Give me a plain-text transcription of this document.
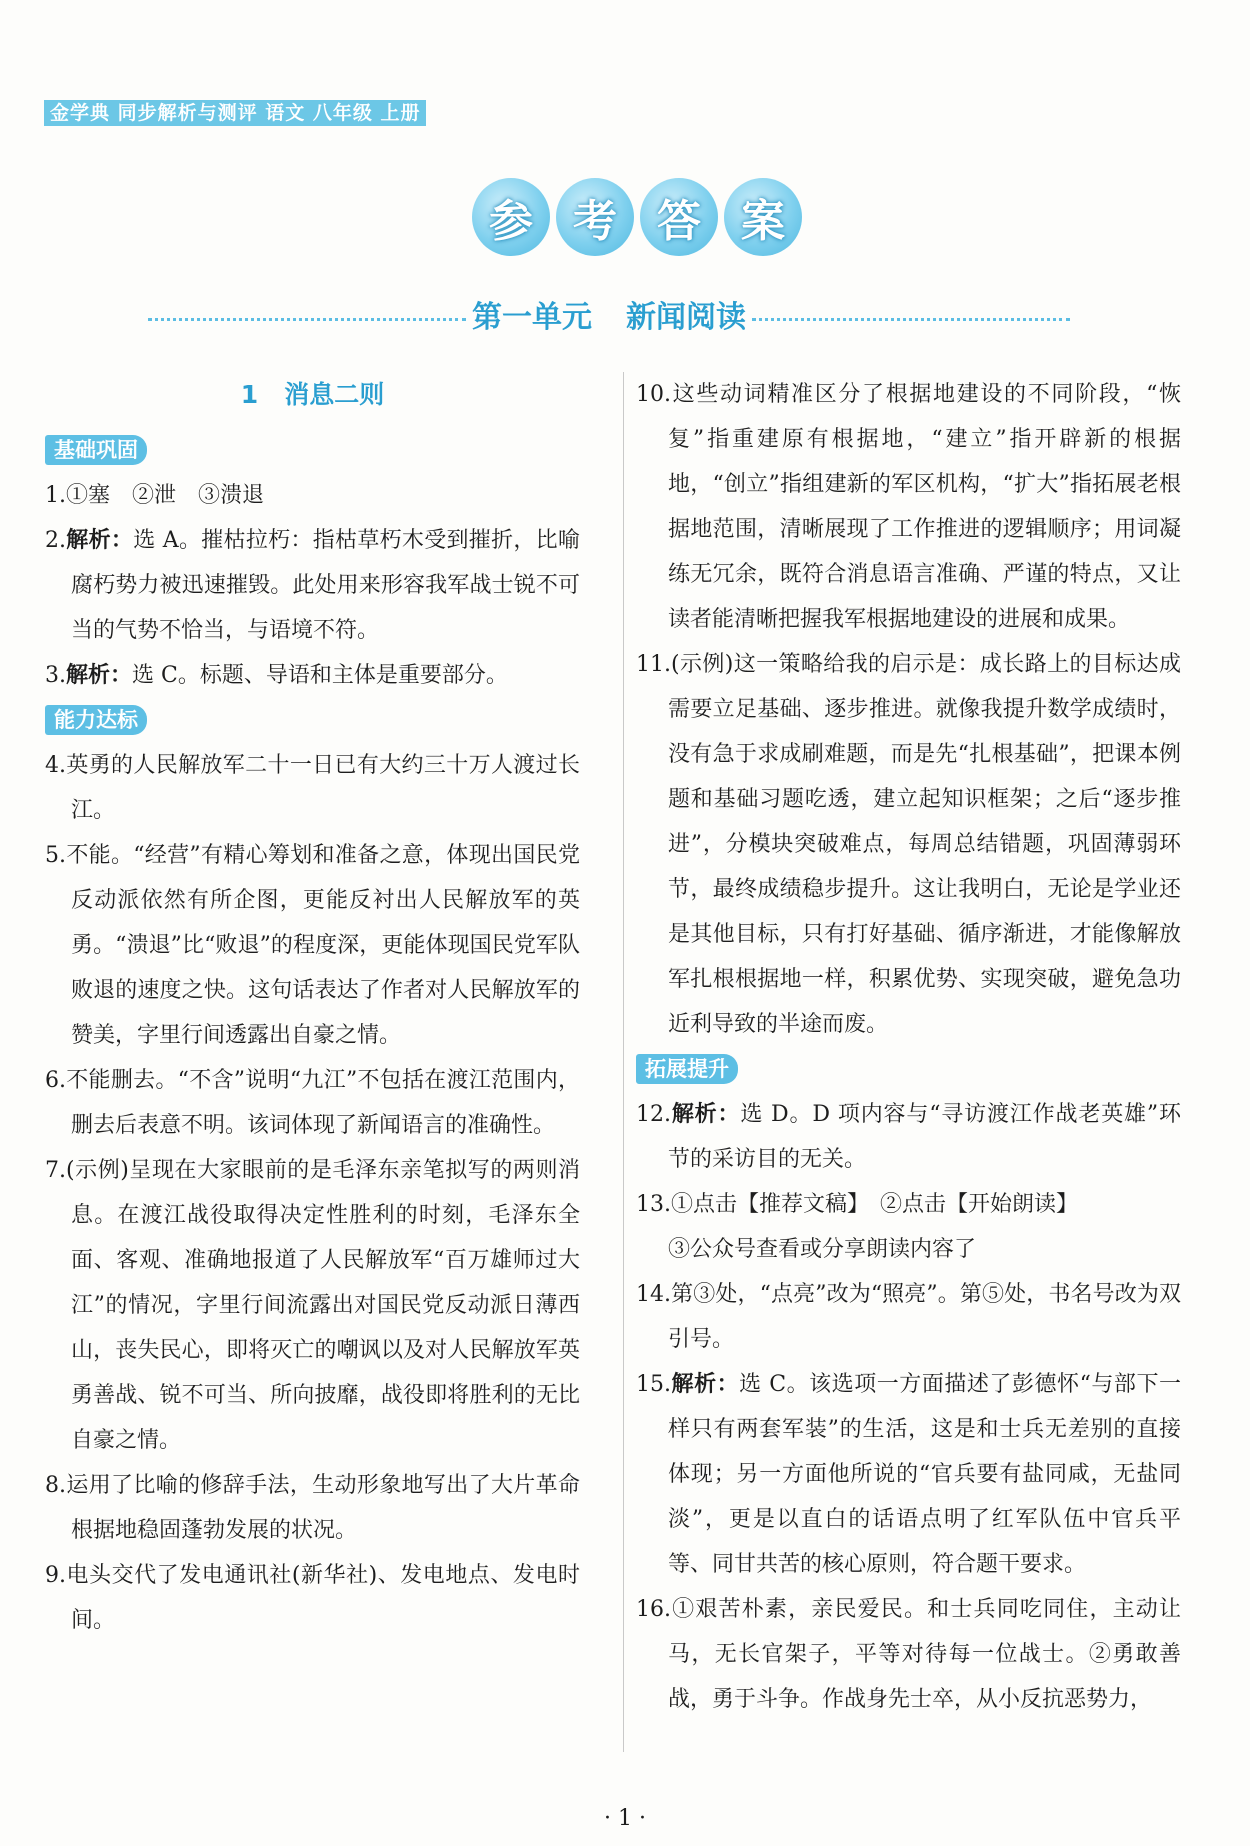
金学典 同步解析与测评 语文 八年级 上册
参 考 答 案
第一单元 新闻阅读
1 消息二则
基础巩固

1.①塞　②泄　③溃退

2.解析：选 A。摧枯拉朽：指枯草朽木受到摧折，比喻腐朽势力被迅速摧毁。此处用来形容我军战士锐不可当的气势不恰当，与语境不符。

3.解析：选 C。标题、导语和主体是重要部分。

能力达标

4.英勇的人民解放军二十一日已有大约三十万人渡过长江。

5.不能。“经营”有精心筹划和准备之意，体现出国民党反动派依然有所企图，更能反衬出人民解放军的英勇。“溃退”比“败退”的程度深，更能体现国民党军队败退的速度之快。这句话表达了作者对人民解放军的赞美，字里行间透露出自豪之情。

6.不能删去。“不含”说明“九江”不包括在渡江范围内，删去后表意不明。该词体现了新闻语言的准确性。

7.(示例)呈现在大家眼前的是毛泽东亲笔拟写的两则消息。在渡江战役取得决定性胜利的时刻，毛泽东全面、客观、准确地报道了人民解放军“百万雄师过大江”的情况，字里行间流露出对国民党反动派日薄西山，丧失民心，即将灭亡的嘲讽以及对人民解放军英勇善战、锐不可当、所向披靡，战役即将胜利的无比自豪之情。

8.运用了比喻的修辞手法，生动形象地写出了大片革命根据地稳固蓬勃发展的状况。

9.电头交代了发电通讯社(新华社)、发电地点、发电时间。

10.这些动词精准区分了根据地建设的不同阶段，“恢复”指重建原有根据地，“建立”指开辟新的根据地，“创立”指组建新的军区机构，“扩大”指拓展老根据地范围，清晰展现了工作推进的逻辑顺序；用词凝练无冗余，既符合消息语言准确、严谨的特点，又让读者能清晰把握我军根据地建设的进展和成果。

11.(示例)这一策略给我的启示是：成长路上的目标达成需要立足基础、逐步推进。就像我提升数学成绩时，没有急于求成刷难题，而是先“扎根基础”，把课本例题和基础习题吃透，建立起知识框架；之后“逐步推进”，分模块突破难点，每周总结错题，巩固薄弱环节，最终成绩稳步提升。这让我明白，无论是学业还是其他目标，只有打好基础、循序渐进，才能像解放军扎根根据地一样，积累优势、实现突破，避免急功近利导致的半途而废。

拓展提升

12.解析：选 D。D 项内容与“寻访渡江作战老英雄”环节的采访目的无关。

13.①点击【推荐文稿】　②点击【开始朗读】
③公众号查看或分享朗读内容了

14.第③处，“点亮”改为“照亮”。第⑤处，书名号改为双引号。

15.解析：选 C。该选项一方面描述了彭德怀“与部下一样只有两套军装”的生活，这是和士兵无差别的直接体现；另一方面他所说的“官兵要有盐同咸，无盐同淡”，更是以直白的话语点明了红军队伍中官兵平等、同甘共苦的核心原则，符合题干要求。

16.①艰苦朴素，亲民爱民。和士兵同吃同住，主动让马，无长官架子，平等对待每一位战士。②勇敢善战，勇于斗争。作战身先士卒，从小反抗恶势力，

· 1 ·
